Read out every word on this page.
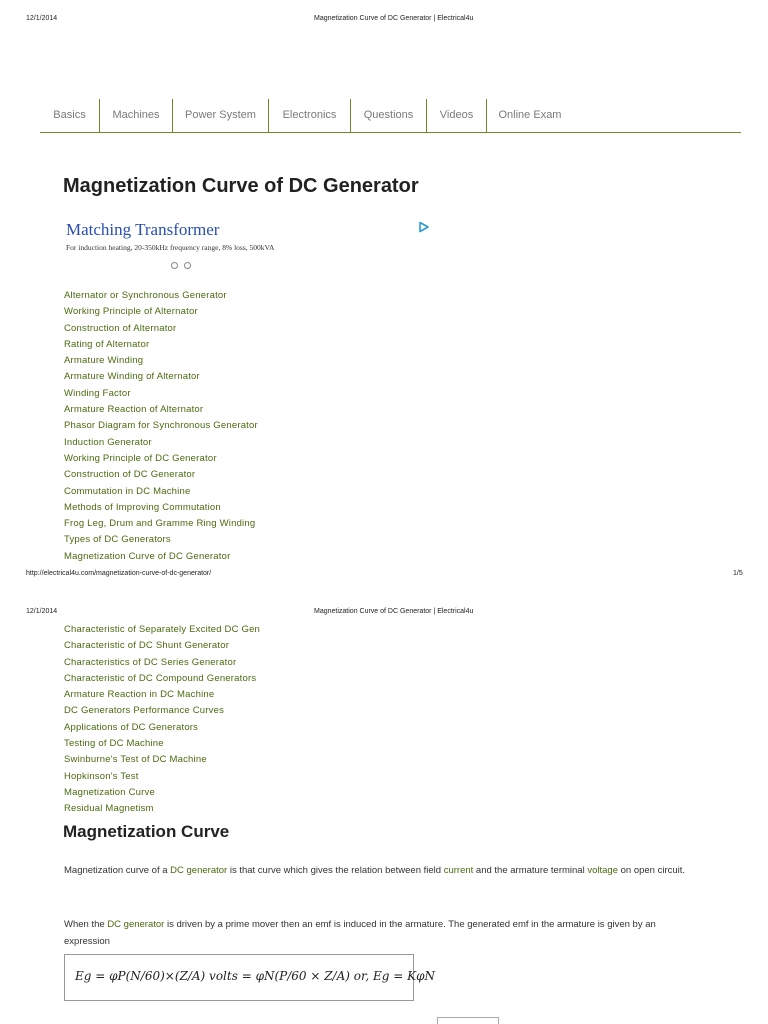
12/1/2014	Magnetization Curve of DC Generator | Electrical4u
Basics	Machines	Power System	Electronics	Questions	Videos	Online Exam
Magnetization Curve of DC Generator
Matching Transformer
For induction heating, 20-350kHz frequency range, 8% loss, 500kVA
Alternator or Synchronous Generator
Working Principle of Alternator
Construction of Alternator
Rating of Alternator
Armature Winding
Armature Winding of Alternator
Winding Factor
Armature Reaction of Alternator
Phasor Diagram for Synchronous Generator
Induction Generator
Working Principle of DC Generator
Construction of DC Generator
Commutation in DC Machine
Methods of Improving Commutation
Frog Leg, Drum and Gramme Ring Winding
Types of DC Generators
Magnetization Curve of DC Generator
http://electrical4u.com/magnetization-curve-of-dc-generator/	1/5
12/1/2014	Magnetization Curve of DC Generator | Electrical4u
Characteristic of Separately Excited DC Gen
Characteristic of DC Shunt Generator
Characteristics of DC Series Generator
Characteristic of DC Compound Generators
Armature Reaction in DC Machine
DC Generators Performance Curves
Applications of DC Generators
Testing of DC Machine
Swinburne's Test of DC Machine
Hopkinson's Test
Magnetization Curve
Residual Magnetism
Magnetization Curve

Magnetization curve of a DC generator is that curve which gives the relation between field current and the armature terminal voltage on open circuit.

When the DC generator is driven by a prime mover then an emf is induced in the armature. The generated emf in the armature is given by an expression

Eg = φP(N/60)×(Z/A) volts = φN(P/60 × Z/A) or, Eg = KφN
